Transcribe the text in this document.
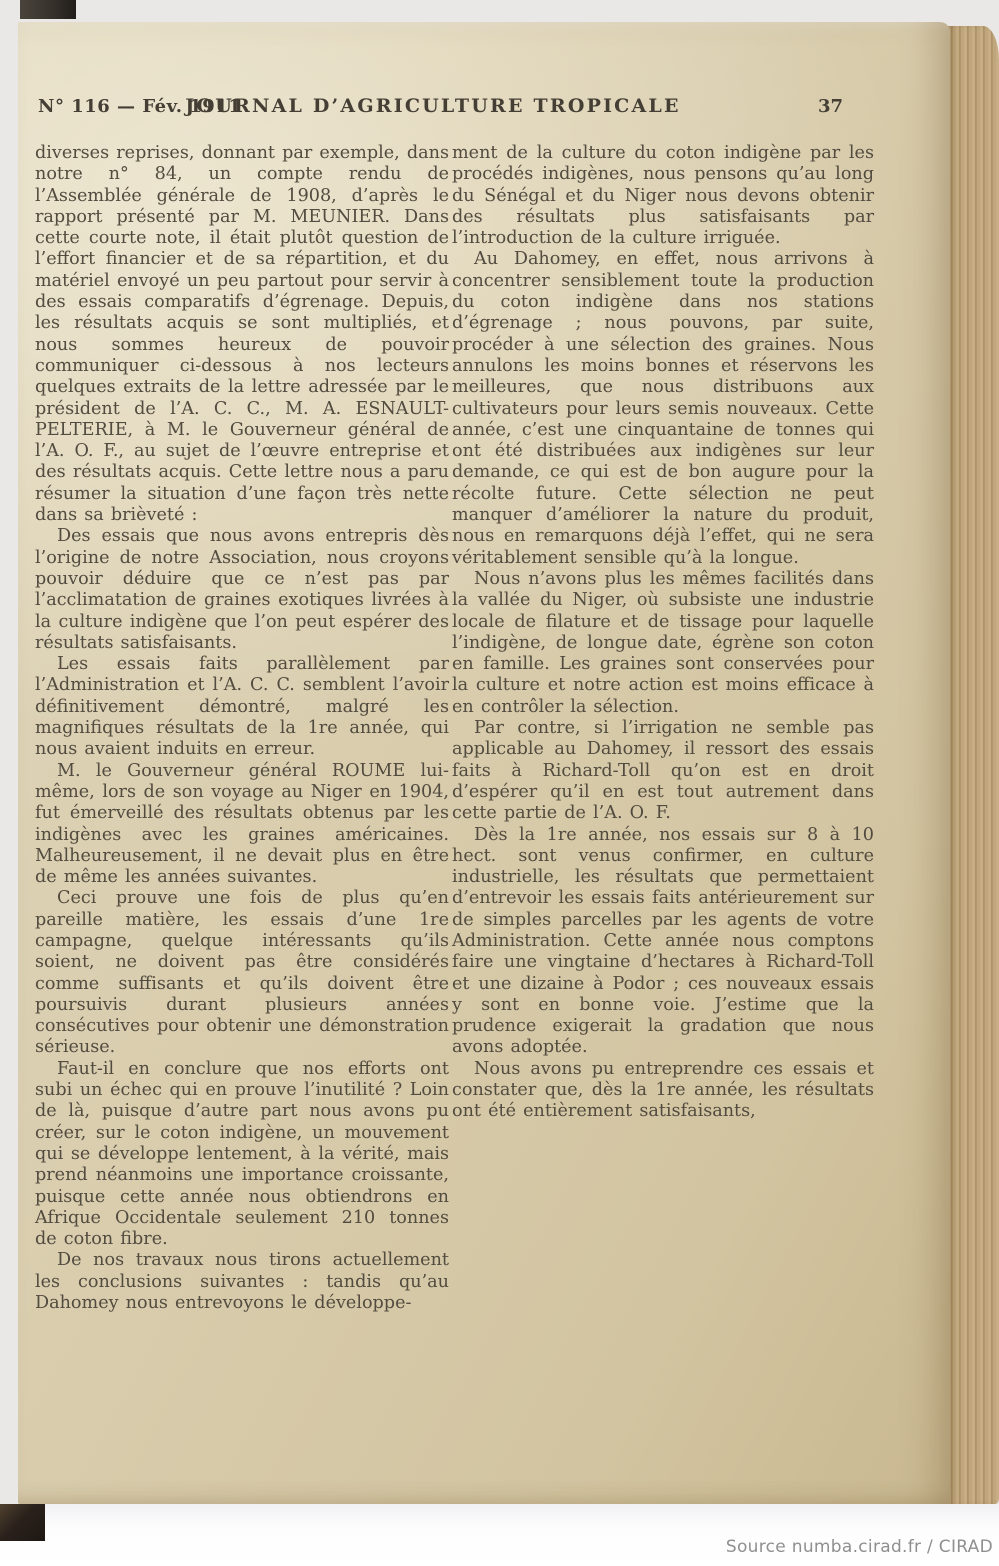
N° 116 — Fév. 1911
JOURNAL D’AGRICULTURE TROPICALE	37

diverses reprises, donnant par exemple, dans notre n° 84, un compte rendu de l’Assemblée générale de 1908, d’après le rapport présenté par M. MEUNIER. Dans cette courte note, il était plutôt question de l’effort financier et de sa répartition, et du matériel envoyé un peu partout pour servir à des essais comparatifs d’égrenage. Depuis, les résultats acquis se sont multipliés, et nous sommes heureux de pouvoir communiquer ci-dessous à nos lecteurs quelques extraits de la lettre adressée par le président de l’A. C. C., M. A. ESNAULT-PELTERIE, à M. le Gouverneur général de l’A. O. F., au sujet de l’œuvre entreprise et des résultats acquis. Cette lettre nous a paru résumer la situation d’une façon très nette dans sa brièveté :

Des essais que nous avons entrepris dès l’origine de notre Association, nous croyons pouvoir déduire que ce n’est pas par l’acclimatation de graines exotiques livrées à la culture indigène que l’on peut espérer des résultats satisfaisants.

Les essais faits parallèlement par l’Administration et l’A. C. C. semblent l’avoir définitivement démontré, malgré les magnifiques résultats de la 1re année, qui nous avaient induits en erreur.

M. le Gouverneur général ROUME lui-même, lors de son voyage au Niger en 1904, fut émerveillé des résultats obtenus par les indigènes avec les graines américaines. Malheureusement, il ne devait plus en être de même les années suivantes.

Ceci prouve une fois de plus qu’en pareille matière, les essais d’une 1re campagne, quelque intéressants qu’ils soient, ne doivent pas être considérés comme suffisants et qu’ils doivent être poursuivis durant plusieurs années consécutives pour obtenir une démonstration sérieuse.

Faut-il en conclure que nos efforts ont subi un échec qui en prouve l’inutilité ? Loin de là, puisque d’autre part nous avons pu créer, sur le coton indigène, un mouvement qui se développe lentement, à la vérité, mais prend néanmoins une importance croissante, puisque cette année nous obtiendrons en Afrique Occidentale seulement 210 tonnes de coton fibre.

De nos travaux nous tirons actuellement les conclusions suivantes : tandis qu’au Dahomey nous entrevoyons le développe-

ment de la culture du coton indigène par les procédés indigènes, nous pensons qu’au long du Sénégal et du Niger nous devons obtenir des résultats plus satisfaisants par l’introduction de la culture irriguée.

Au Dahomey, en effet, nous arrivons à concentrer sensiblement toute la production du coton indigène dans nos stations d’égrenage ; nous pouvons, par suite, procéder à une sélection des graines. Nous annulons les moins bonnes et réservons les meilleures, que nous distribuons aux cultivateurs pour leurs semis nouveaux. Cette année, c’est une cinquantaine de tonnes qui ont été distribuées aux indigènes sur leur demande, ce qui est de bon augure pour la récolte future. Cette sélection ne peut manquer d’améliorer la nature du produit, nous en remarquons déjà l’effet, qui ne sera véritablement sensible qu’à la longue.

Nous n’avons plus les mêmes facilités dans la vallée du Niger, où subsiste une industrie locale de filature et de tissage pour laquelle l’indigène, de longue date, égrène son coton en famille. Les graines sont conservées pour la culture et notre action est moins efficace à en contrôler la sélection.

Par contre, si l’irrigation ne semble pas applicable au Dahomey, il ressort des essais faits à Richard-Toll qu’on est en droit d’espérer qu’il en est tout autrement dans cette partie de l’A. O. F.

Dès la 1re année, nos essais sur 8 à 10 hect. sont venus confirmer, en culture industrielle, les résultats que permettaient d’entrevoir les essais faits antérieurement sur de simples parcelles par les agents de votre Administration. Cette année nous comptons faire une vingtaine d’hectares à Richard-Toll et une dizaine à Podor ; ces nouveaux essais y sont en bonne voie. J’estime que la prudence exigerait la gradation que nous avons adoptée.

Nous avons pu entreprendre ces essais et constater que, dès la 1re année, les résultats ont été entièrement satisfaisants,

Source numba.cirad.fr / CIRAD
